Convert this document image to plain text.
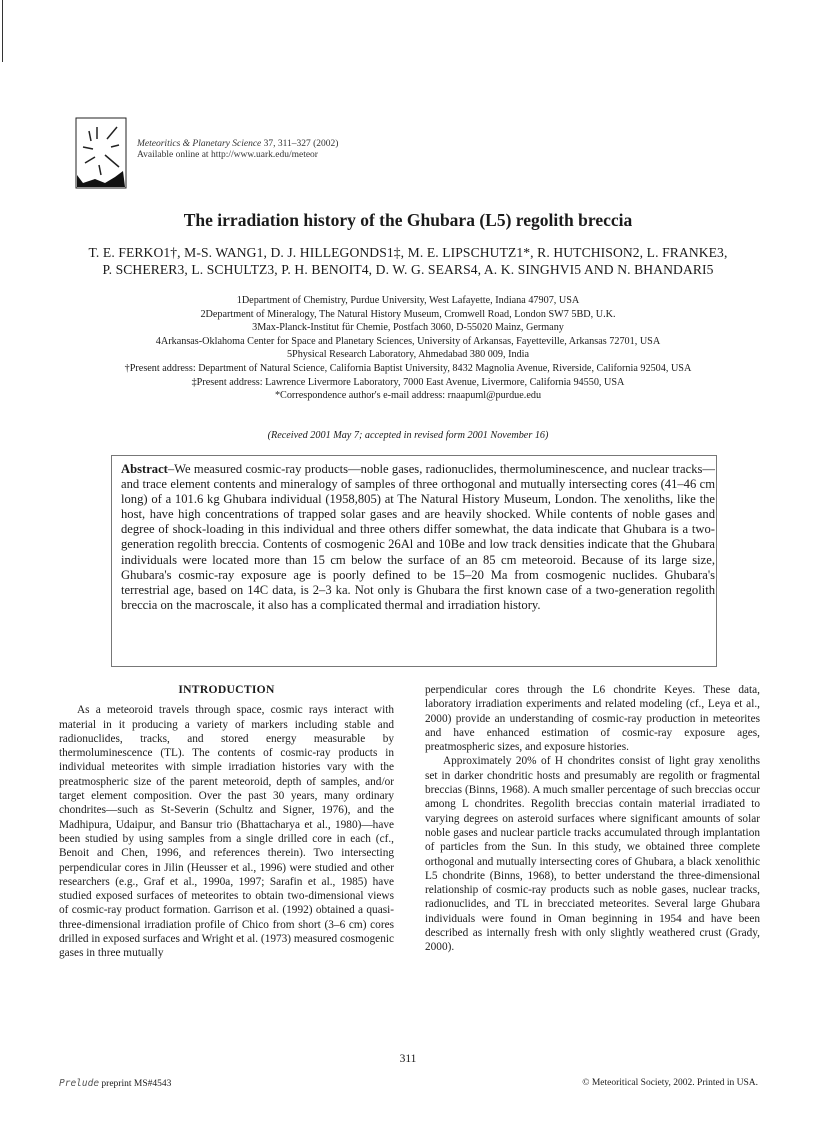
Meteoritics & Planetary Science 37, 311–327 (2002)
Available online at http://www.uark.edu/meteor
The irradiation history of the Ghubara (L5) regolith breccia
T. E. FERKO1†, M-S. WANG1, D. J. HILLEGONDS1‡, M. E. LIPSCHUTZ1*, R. HUTCHISON2, L. FRANKE3,
P. SCHERER3, L. SCHULTZ3, P. H. BENOIT4, D. W. G. SEARS4, A. K. SINGHVI5 AND N. BHANDARI5
1Department of Chemistry, Purdue University, West Lafayette, Indiana 47907, USA
2Department of Mineralogy, The Natural History Museum, Cromwell Road, London SW7 5BD, U.K.
3Max-Planck-Institut für Chemie, Postfach 3060, D-55020 Mainz, Germany
4Arkansas-Oklahoma Center for Space and Planetary Sciences, University of Arkansas, Fayetteville, Arkansas 72701, USA
5Physical Research Laboratory, Ahmedabad 380 009, India
†Present address: Department of Natural Science, California Baptist University, 8432 Magnolia Avenue, Riverside, California 92504, USA
‡Present address: Lawrence Livermore Laboratory, 7000 East Avenue, Livermore, California 94550, USA
*Correspondence author's e-mail address: rnaapuml@purdue.edu
(Received 2001 May 7; accepted in revised form 2001 November 16)
Abstract–We measured cosmic-ray products—noble gases, radionuclides, thermoluminescence, and nuclear tracks—and trace element contents and mineralogy of samples of three orthogonal and mutually intersecting cores (41–46 cm long) of a 101.6 kg Ghubara individual (1958,805) at The Natural History Museum, London. The xenoliths, like the host, have high concentrations of trapped solar gases and are heavily shocked. While contents of noble gases and degree of shock-loading in this individual and three others differ somewhat, the data indicate that Ghubara is a two-generation regolith breccia. Contents of cosmogenic 26Al and 10Be and low track densities indicate that the Ghubara individuals were located more than 15 cm below the surface of an 85 cm meteoroid. Because of its large size, Ghubara's cosmic-ray exposure age is poorly defined to be 15–20 Ma from cosmogenic nuclides. Ghubara's terrestrial age, based on 14C data, is 2–3 ka. Not only is Ghubara the first known case of a two-generation regolith breccia on the macroscale, it also has a complicated thermal and irradiation history.
INTRODUCTION

As a meteoroid travels through space, cosmic rays interact with material in it producing a variety of markers including stable and radionuclides, tracks, and stored energy measurable by thermoluminescence (TL). The contents of cosmic-ray products in individual meteorites with simple irradiation histories vary with the preatmospheric size of the parent meteoroid, depth of samples, and/or target element composition. Over the past 30 years, many ordinary chondrites—such as St-Severin (Schultz and Signer, 1976), and the Madhipura, Udaipur, and Bansur trio (Bhattacharya et al., 1980)—have been studied by using samples from a single drilled core in each (cf., Benoit and Chen, 1996, and references therein). Two intersecting perpendicular cores in Jilin (Heusser et al., 1996) were studied and other researchers (e.g., Graf et al., 1990a, 1997; Sarafin et al., 1985) have studied exposed surfaces of meteorites to obtain two-dimensional views of cosmic-ray product formation. Garrison et al. (1992) obtained a quasi-three-dimensional irradiation profile of Chico from short (3–6 cm) cores drilled in exposed surfaces and Wright et al. (1973) measured cosmogenic gases in three mutually

perpendicular cores through the L6 chondrite Keyes. These data, laboratory irradiation experiments and related modeling (cf., Leya et al., 2000) provide an understanding of cosmic-ray production in meteorites and have enhanced estimation of cosmic-ray exposure ages, preatmospheric sizes, and exposure histories.

Approximately 20% of H chondrites consist of light gray xenoliths set in darker chondritic hosts and presumably are regolith or fragmental breccias (Binns, 1968). A much smaller percentage of such breccias occur among L chondrites. Regolith breccias contain material irradiated to varying degrees on asteroid surfaces where significant amounts of solar noble gases and nuclear particle tracks accumulated through implantation of particles from the Sun. In this study, we obtained three complete orthogonal and mutually intersecting cores of Ghubara, a black xenolithic L5 chondrite (Binns, 1968), to better understand the three-dimensional relationship of cosmic-ray products such as noble gases, nuclear tracks, radionuclides, and TL in brecciated meteorites. Several large Ghubara individuals were found in Oman beginning in 1954 and have been described as internally fresh with only slightly weathered crust (Grady, 2000).

311
Prelude preprint MS#4543	© Meteoritical Society, 2002. Printed in USA.
